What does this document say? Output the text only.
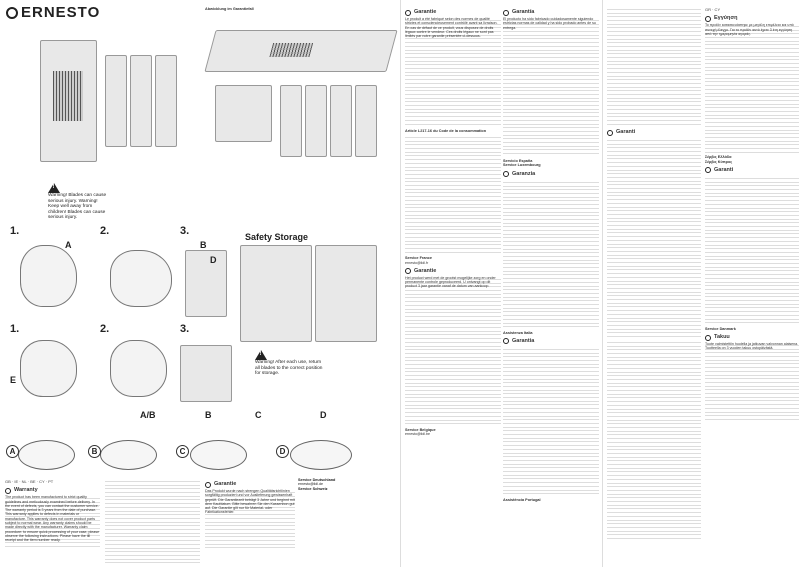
ERNESTO
!
Warning! Blades can cause serious injury. Warning! Keep well away from children! Blades can cause serious injury.
Safety Storage
!
Warning! After each use, return all blades to the correct position for storage.
1.	2.	3.
A	B
D
1.	2.	3.
A/B	B	C	D
E
A	B	C	D
GB · IE · NL · BE · CY · PT
Warranty

The product has been manufactured to strict quality guidelines and meticulously examined before delivery. In the event of defects, you can contact the customer service. The warranty period is 3 years from the date of purchase. This warranty applies to defects in materials or manufacture. This warranty does not cover product parts subject to normal wear. Any warranty claims should be made directly with the manufacturer. Warranty claim procedure: to ensure quick processing of your case, please observe the following instructions. Please have the till receipt and the item number ready.

Abwicklung im Garantiefall
Garantie

Das Produkt wurde nach strengen Qualitätsrichtlinien sorgfältig produziert und vor Auslieferung gewissenhaft geprüft. Die Garantiezeit beträgt 3 Jahre und beginnt mit dem Kaufdatum. Bitte bewahren Sie den Kassenbon gut auf. Die Garantie gilt nur für Material- oder Fabrikationsfehler.

Service Deutschland
ernesto@lidl.de
Service Schweiz
Garantie

Le produit a été fabriqué selon des normes de qualité strictes et consciencieusement contrôlé avant sa livraison. En cas de défaut de ce produit, vous disposez de droits légaux contre le vendeur. Ces droits légaux ne sont pas limités par notre garantie présentée ci-dessous.

Article L217-16 du Code de la consommation

Service France
ernesto@lidl.fr
Garantie

Het product werd met de grootst mogelijke zorg en onder permanente controle geproduceerd. U ontvangt op dit product 3 jaar garantie vanaf de datum van aankoop.

Service Belgique
ernesto@lidl.be
Garantía

El producto ha sido fabricado cuidadosamente siguiendo estrictas normas de calidad y ha sido probado antes de su entrega.

Servicio España
Service Luxembourg
Garanzia

Assistenza Italia
Garantia

Assistência Portugal

Garanti

GR · CY
Εγγύηση

Το προϊόν κατασκευάστηκε με μεγάλη επιμέλεια και υπό συνεχή έλεγχο. Για το προϊόν αυτό έχετε 3 έτη εγγύηση από την ημερομηνία αγοράς.

Σέρβις Ελλάδα
Σέρβις Κύπρος
Garanti

Service Danmark
Takuu

Tuote valmistettiin huolella ja jatkuvan valvonnan alaisena. Tuotteella on 3 vuoden takuu ostopäivästä.
